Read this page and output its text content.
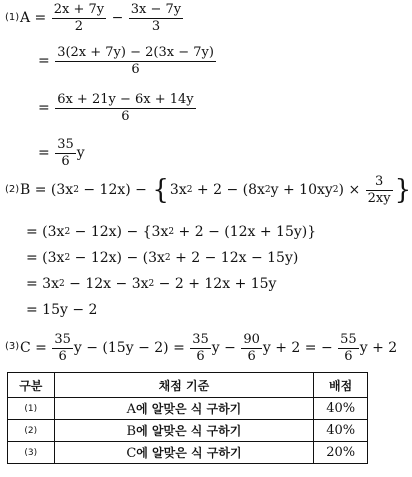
(1) $A = \frac{2x + 7y}{2} - \frac{3x - 7y}{3}$
= $\frac{3(2x + 7y) - 2(3x - 7y)}{6}$
= $\frac{6x + 21y - 6x + 14y}{6}$
= $\frac{35}{6}$ y
(2) B = (3x 2 − 12x) − { 3x 2 + 2 − (8x 2 y + 10xy 2 ) × $\frac{3}{2xy}$ }
= (3x 2 − 12x) − {3x 2 + 2 − (12x + 15y)}
= (3x 2 − 12x) − (3x 2 + 2 − 12x − 15y)
= 3x 2 − 12x − 3x 2 − 2 + 12x + 15y
= 15y − 2
(3) $C = \frac{35}{6}$ $y - (15y - 2) = \frac{35}{6}$ $y - \frac{90}{6}$ y + 2 = − $\frac{55}{6}$ y + 2
구분	채점 기준	배점
(1)	A에 알맞은 식 구하기	40%
(2)	B에 알맞은 식 구하기	40%
(3)	C에 알맞은 식 구하기	20%
